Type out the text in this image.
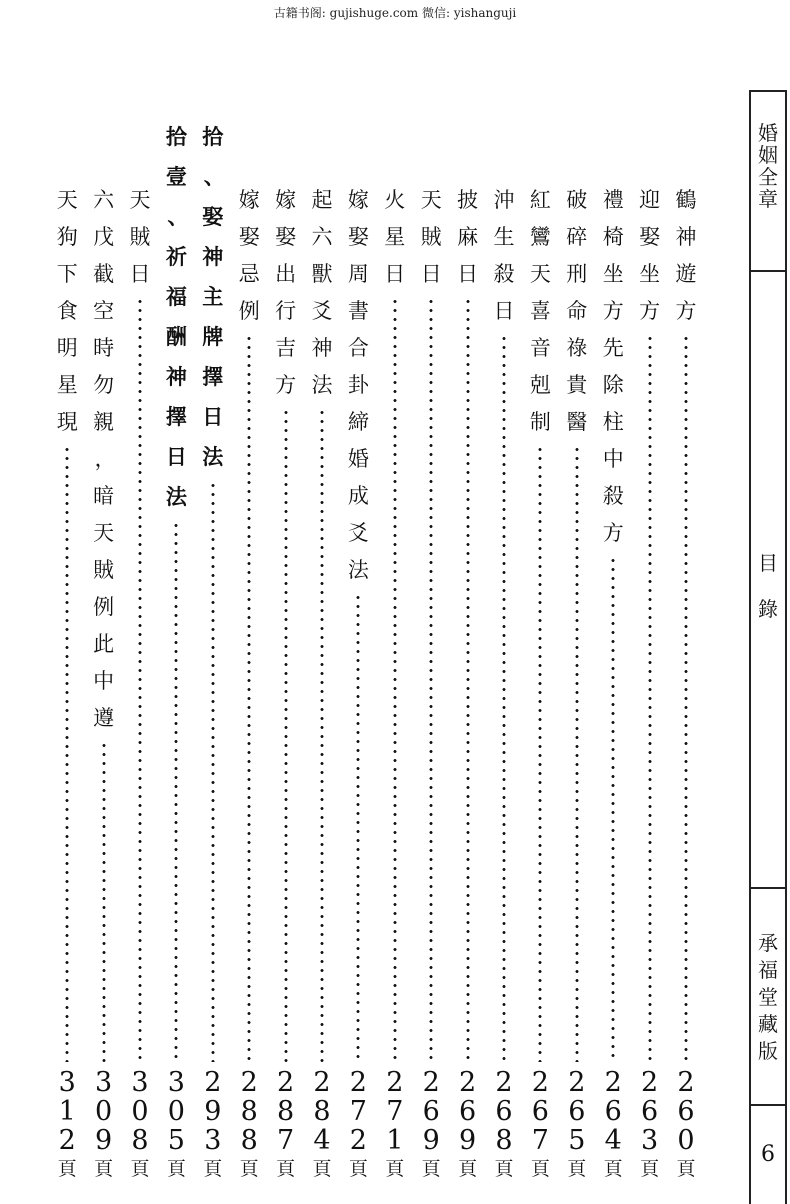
古籍书阁: gujishuge.com 微信: yishanguji
鶴
神
遊
方
2
6
0
頁
迎
娶
坐
方
2
6
3
頁
禮
椅
坐
方
先
除
柱
中
殺
方
2
6
4
頁
破
碎
刑
命
祿
貴
醫
2
6
5
頁
紅
鸞
天
喜
音
剋
制
2
6
7
頁
沖
生
殺
日
2
6
8
頁
披
麻
日
2
6
9
頁
天
賊
日
2
6
9
頁
火
星
日
2
7
1
頁
嫁
娶
周
書
合
卦
締
婚
成
爻
法
2
7
2
頁
起
六
獸
爻
神
法
2
8
4
頁
嫁
娶
出
行
吉
方
2
8
7
頁
嫁
娶
忌
例
2
8
8
頁
拾
、
娶
神
主
牌
擇
日
法
2
9
3
頁
拾
壹
、
祈
福
酬
神
擇
日
法
3
0
5
頁
天
賊
日
3
0
8
頁
六
戊
截
空
時
勿
親
，
暗
天
賊
例
此
中
遵
3
0
9
頁
天
狗
下
食
明
星
現
3
1
2
頁
婚
姻
全
章
目
錄
承
福
堂
藏
版
6
